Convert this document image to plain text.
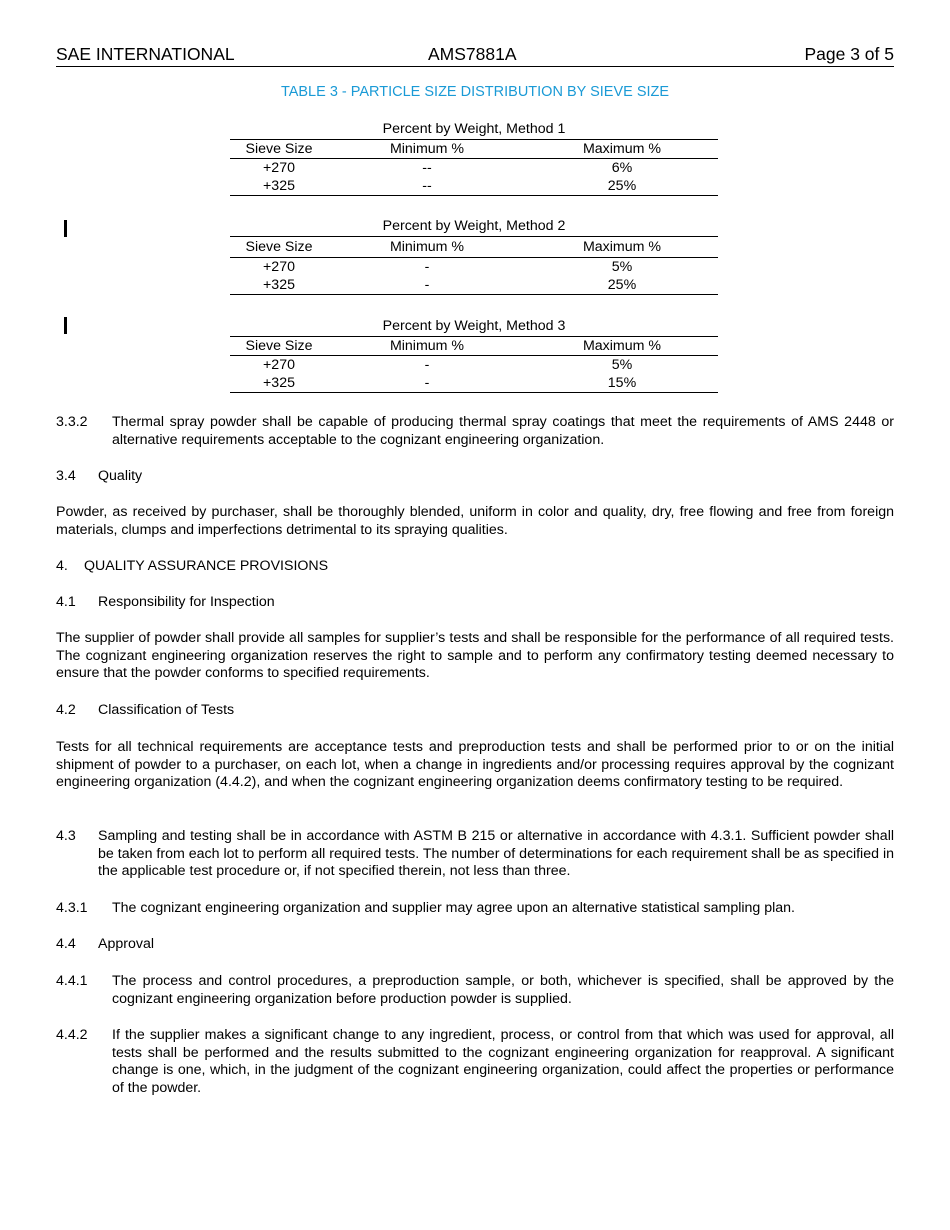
SAE INTERNATIONAL	AMS7881A	Page 3 of 5
TABLE 3 - PARTICLE SIZE DISTRIBUTION BY SIEVE SIZE
Percent by Weight, Method 1
Sieve Size	Minimum %	Maximum %
+270	--	6%
+325	--	25%
Percent by Weight, Method 2
Sieve Size	Minimum %	Maximum %
+270	-	5%
+325	-	25%
Percent by Weight, Method 3
Sieve Size	Minimum %	Maximum %
+270	-	5%
+325	-	15%
3.3.2	Thermal spray powder shall be capable of producing thermal spray coatings that meet the requirements of AMS 2448 or alternative requirements acceptable to the cognizant engineering organization.
3.4 Quality
Powder, as received by purchaser, shall be thoroughly blended, uniform in color and quality, dry, free flowing and free from foreign materials, clumps and imperfections detrimental to its spraying qualities.
4. QUALITY ASSURANCE PROVISIONS
4.1 Responsibility for Inspection
The supplier of powder shall provide all samples for supplier’s tests and shall be responsible for the performance of all required tests. The cognizant engineering organization reserves the right to sample and to perform any confirmatory testing deemed necessary to ensure that the powder conforms to specified requirements.
4.2 Classification of Tests
Tests for all technical requirements are acceptance tests and preproduction tests and shall be performed prior to or on the initial shipment of powder to a purchaser, on each lot, when a change in ingredients and/or processing requires approval by the cognizant engineering organization (4.4.2), and when the cognizant engineering organization deems confirmatory testing to be required.
4.3	Sampling and testing shall be in accordance with ASTM B 215 or alternative in accordance with 4.3.1. Sufficient powder shall be taken from each lot to perform all required tests. The number of determinations for each requirement shall be as specified in the applicable test procedure or, if not specified therein, not less than three.
4.3.1	The cognizant engineering organization and supplier may agree upon an alternative statistical sampling plan.
4.4 Approval
4.4.1	The process and control procedures, a preproduction sample, or both, whichever is specified, shall be approved by the cognizant engineering organization before production powder is supplied.
4.4.2	If the supplier makes a significant change to any ingredient, process, or control from that which was used for approval, all tests shall be performed and the results submitted to the cognizant engineering organization for reapproval. A significant change is one, which, in the judgment of the cognizant engineering organization, could affect the properties or performance of the powder.
